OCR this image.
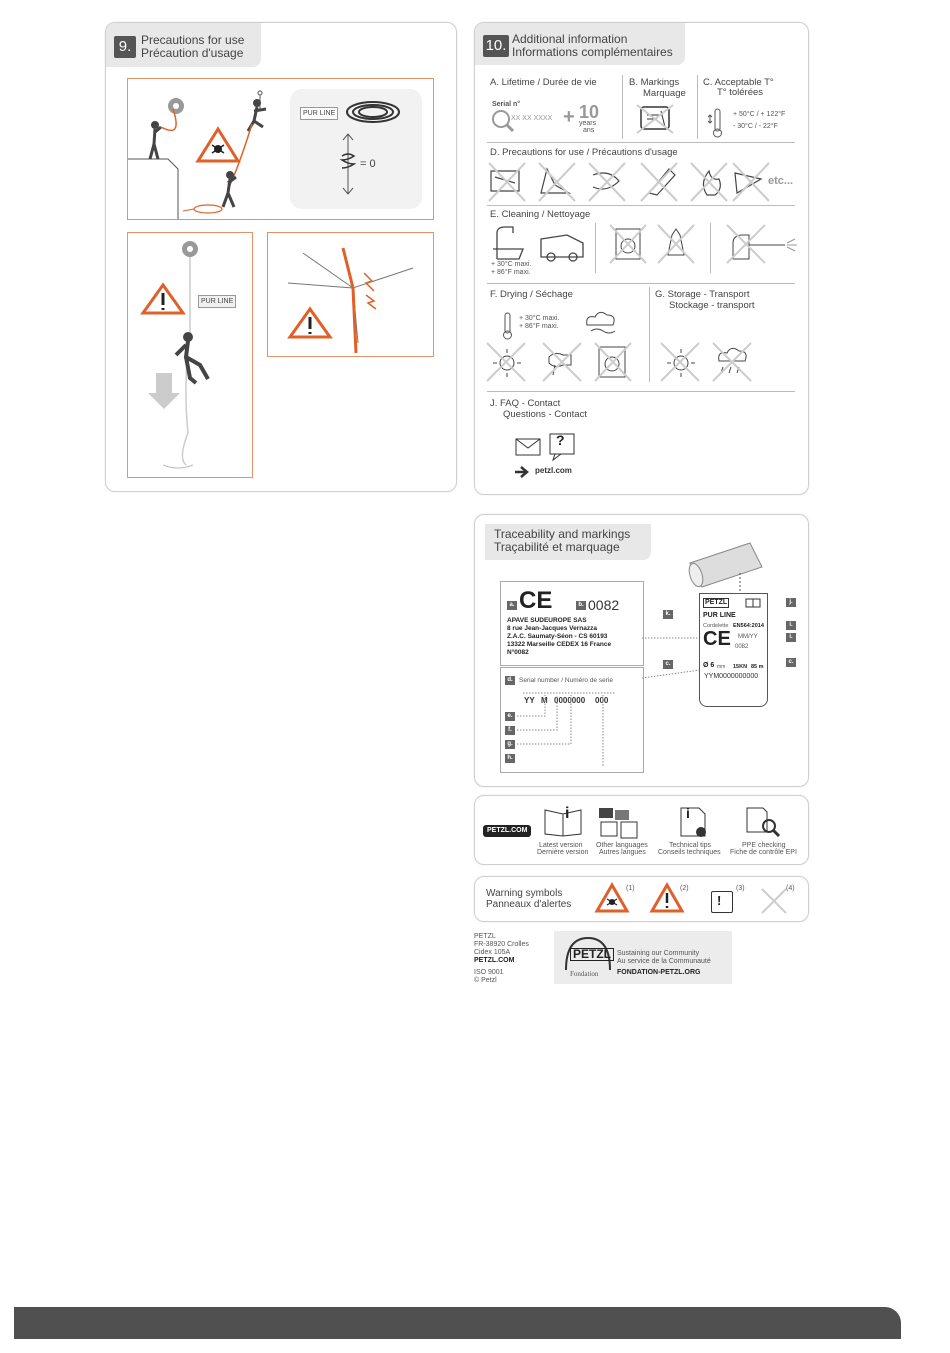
9. Precautions for use
Précaution d'usage
PUR LINE
= 0
PUR LINE
10. Additional information
Informations complémentaires
A. Lifetime / Durée de vie
Serial n°
XX XX XXXX + 10
years
ans
B. Markings
Marquage
C. Acceptable T°
T° tolérées
+ 50°C / + 122°F
- 30°C / - 22°F
D. Precautions for use / Précautions d'usage
etc...
E. Cleaning / Nettoyage
+ 30°C maxi.
+ 86°F maxi.
F. Drying / Séchage
+ 30°C maxi.
+ 86°F maxi.
G. Storage - Transport
Stockage - transport
J. FAQ - Contact
Questions - Contact
?
petzl.com
Traceability and markings
Traçabilité et marquage
a. CE	b. 0082
APAVE SUDEUROPE SAS
8 rue Jean-Jacques Vernazza
Z.A.C. Saumaty-Séon - CS 60193
13322 Marseille CEDEX 16 France
N°0082
d. Serial number / Numéro de serie
YY M 0000000 000
e.
f.
g.
h.
PETZL
PUR LINE
Cordelette EN564:2014
CE MM/YY
0082
Ø 6 mm 15KN 85 m
YYM0000000000
j.
k.
i.
i.
c.	c.
PETZL.COM
i	i
Latest version
Dernière version
Other languages
Autres langues
Technical tips
Conseils techniques
PPE checking
Fiche de contrôle EPI
Warning symbols
Panneaux d'alertes
(1)	(2)
!
(3)	(4)
PETZL
FR-38920 Crolles
Cidex 105A
PETZL.COM
ISO 9001
© Petzl
PETZL
Fondation
Sustaining our Community
Au service de la Communauté
FONDATION-PETZL.ORG
